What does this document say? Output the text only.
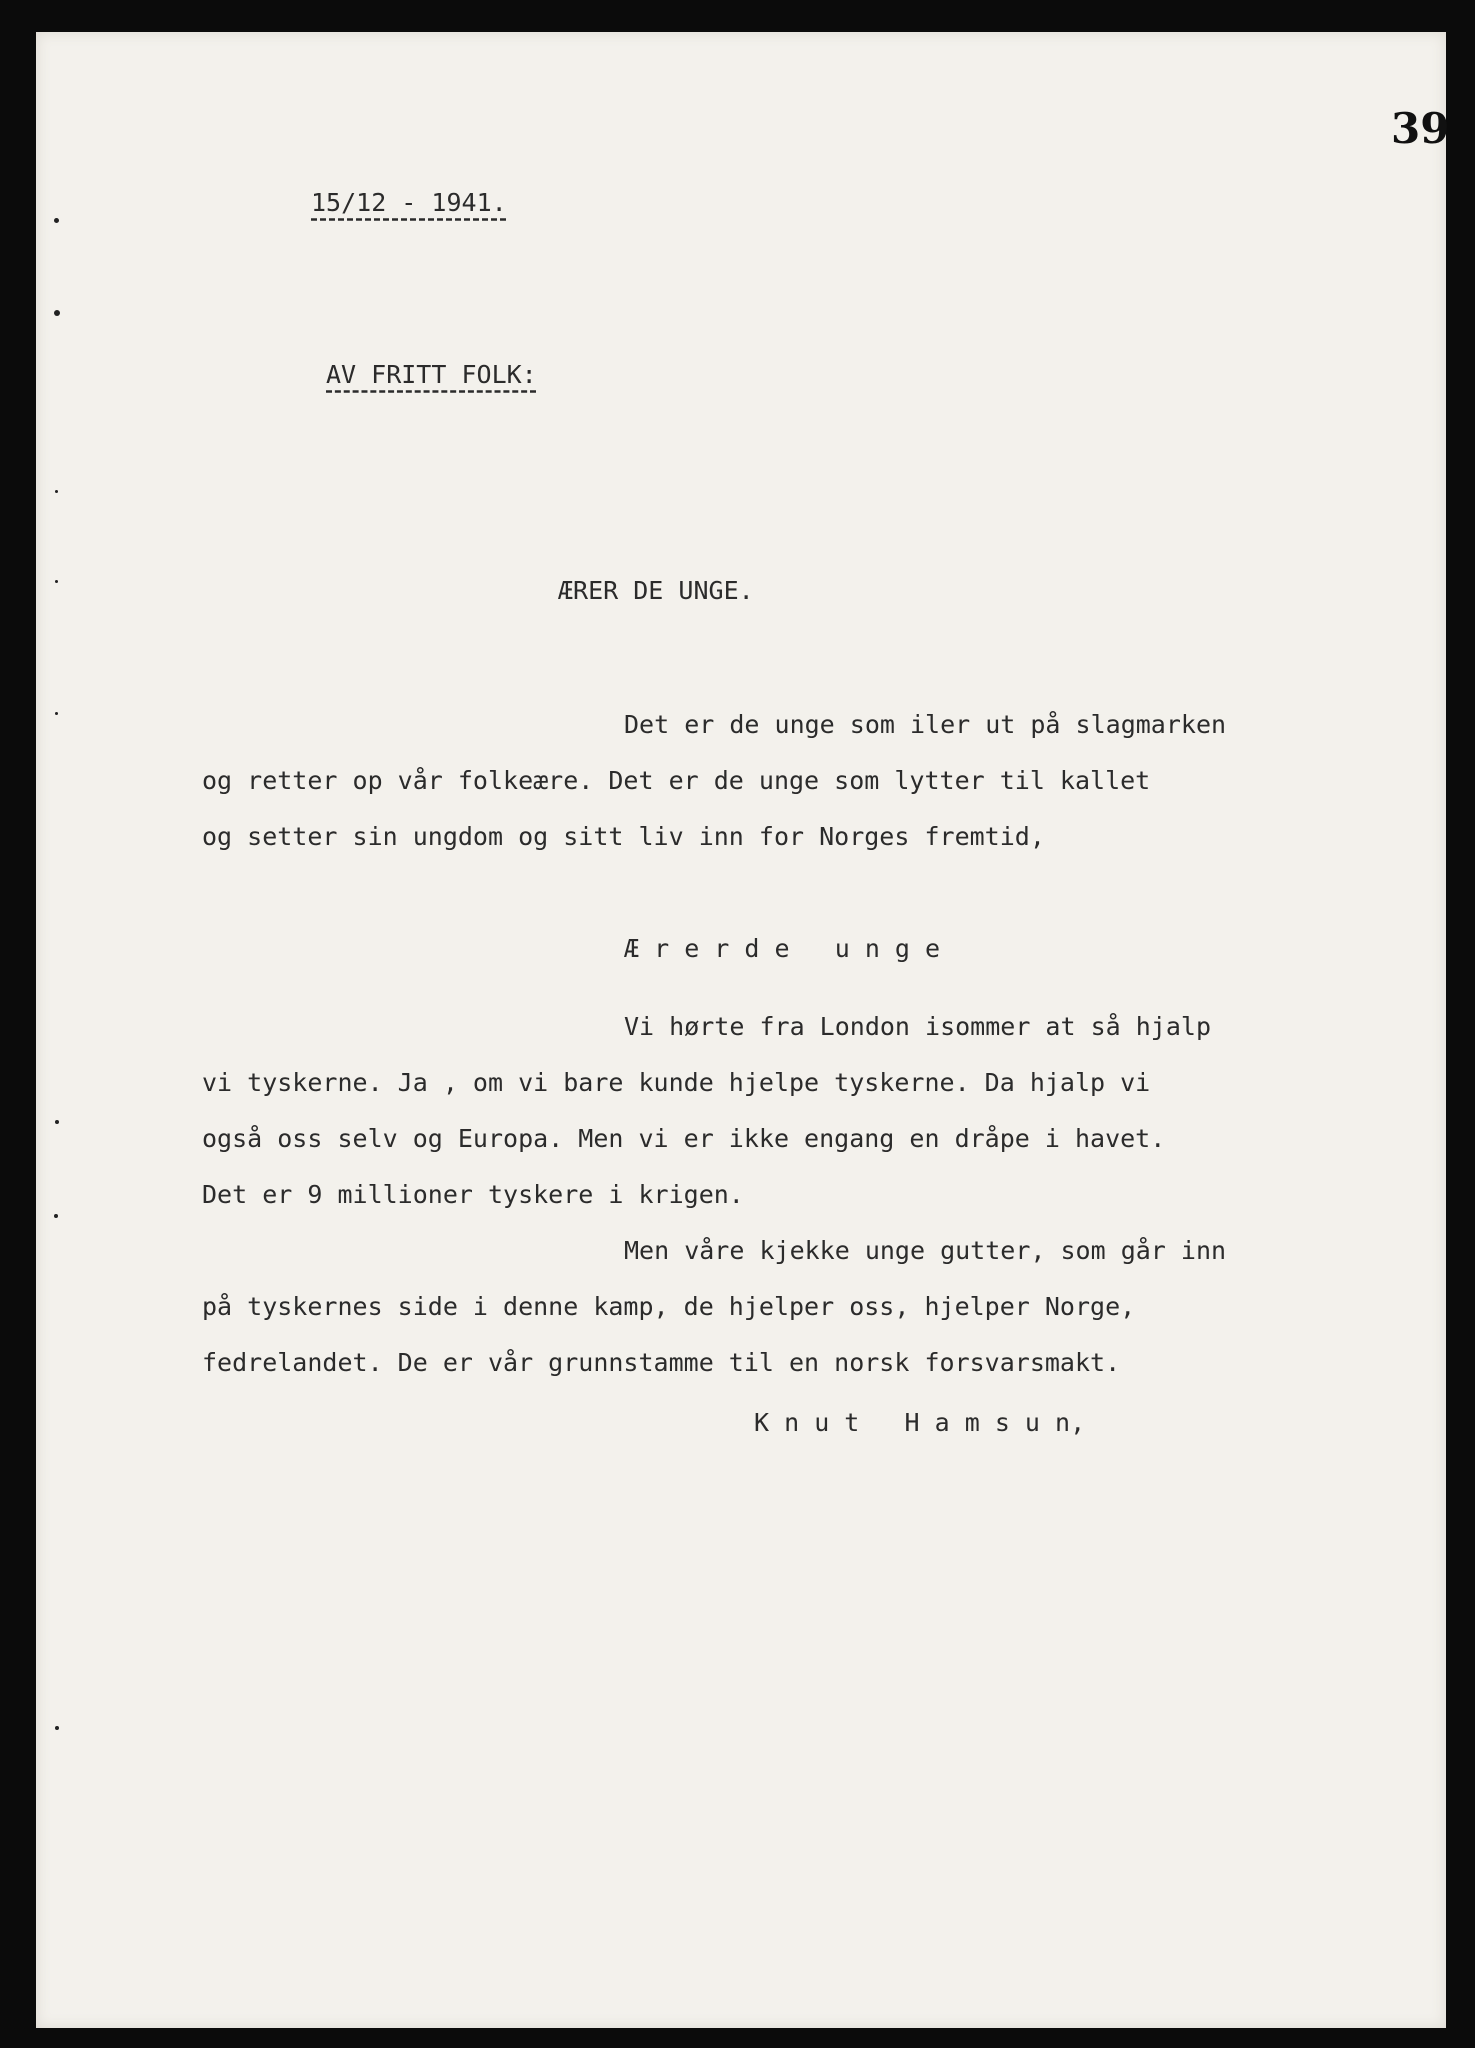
39
15/12 - 1941.
AV FRITT FOLK:
ÆRER DE UNGE.
Det er de unge som iler ut på slagmarken
og retter op vår folkeære. Det er de unge som lytter til kallet
og setter sin ungdom og sitt liv inn for Norges fremtid,
Æ r e r d e   u n g e
Vi hørte fra London isommer at så hjalp
vi tyskerne. Ja , om vi bare kunde hjelpe tyskerne. Da hjalp vi
også oss selv og Europa. Men vi er ikke engang en dråpe i havet.
Det er 9 millioner tyskere i krigen.
Men våre kjekke unge gutter, som går inn
på tyskernes side i denne kamp, de hjelper oss, hjelper Norge,
fedrelandet. De er vår grunnstamme til en norsk forsvarsmakt.
K n u t   H a m s u n,
